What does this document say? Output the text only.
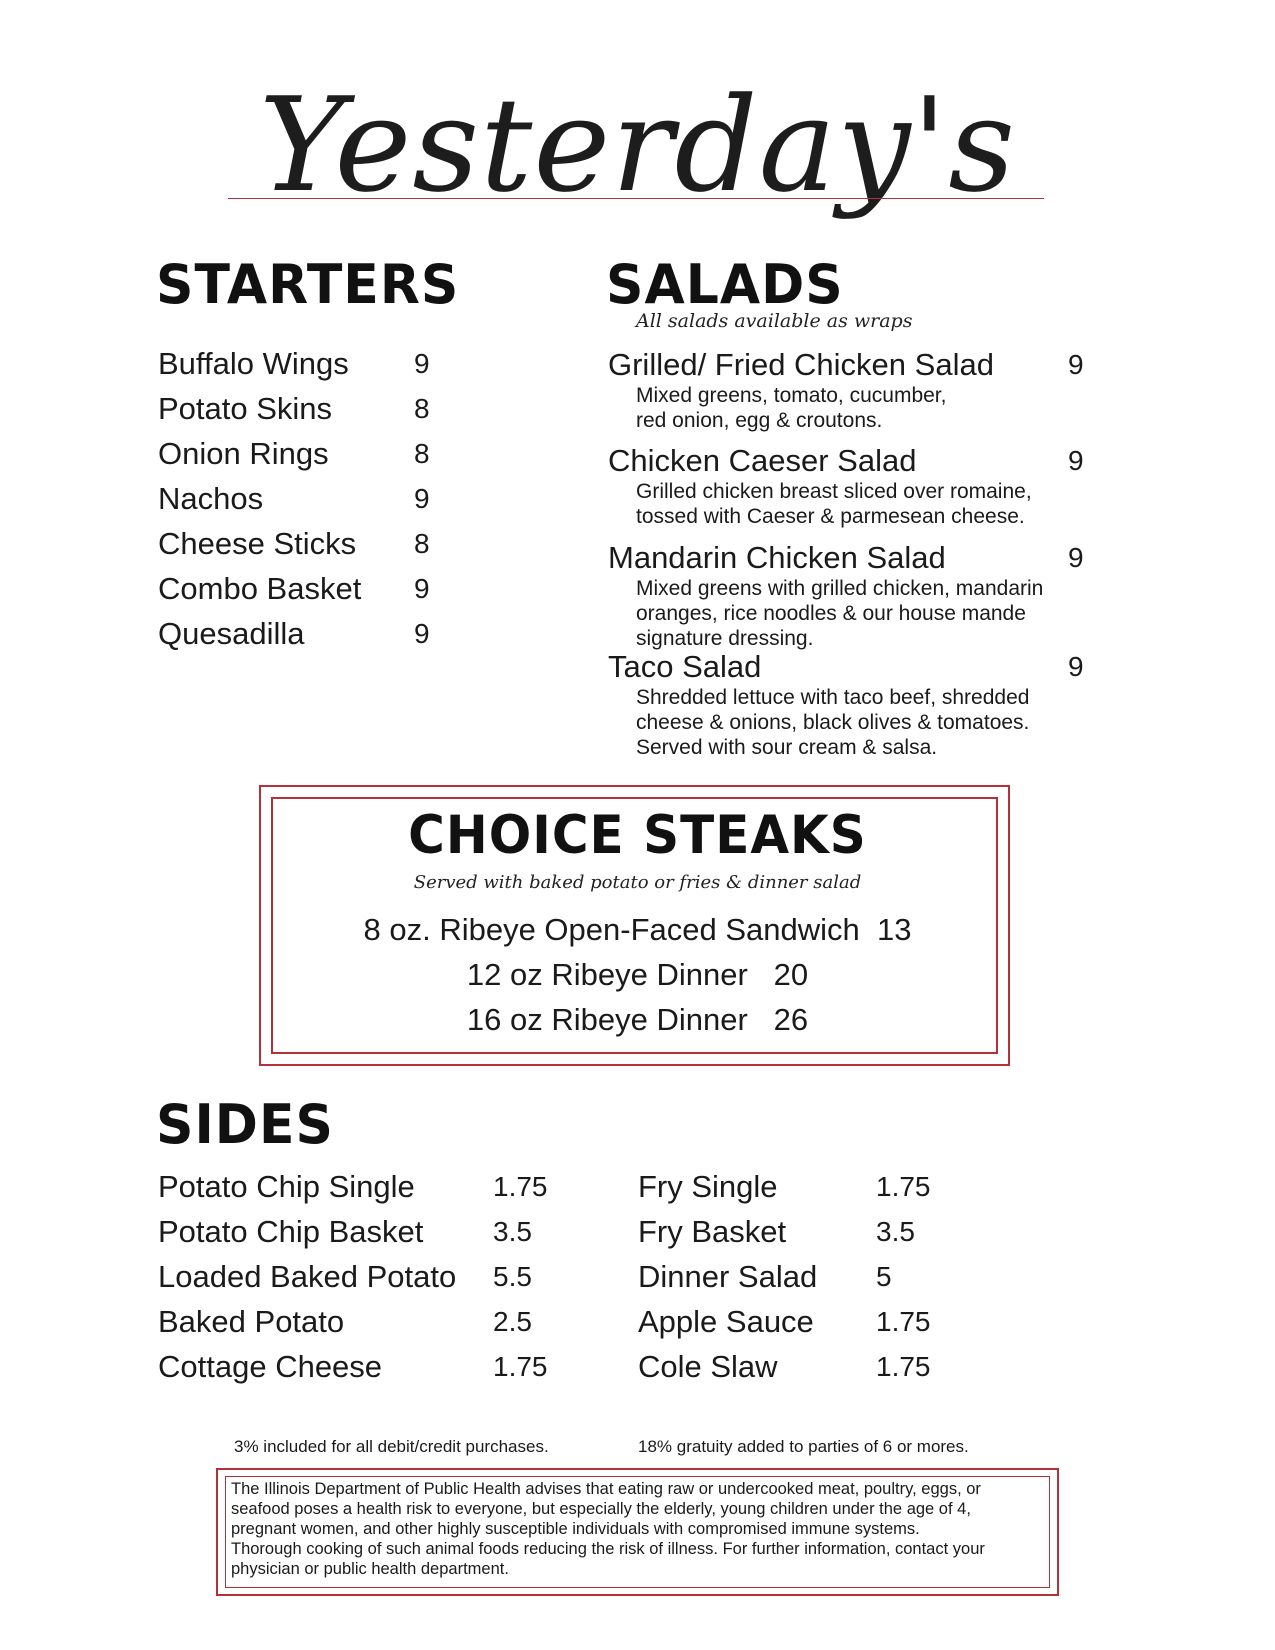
Yesterday's
STARTERS
Buffalo Wings 9
Potato Skins	8
Onion Rings	8
Nachos	9
Cheese Sticks 8
Combo Basket 9
Quesadilla	9
SALADS
All salads available as wraps
Grilled/ Fried Chicken Salad	9
Mixed greens, tomato, cucumber,
red onion, egg & croutons.
Chicken Caeser Salad	9
Grilled chicken breast sliced over romaine,
tossed with Caeser & parmesean cheese.
Mandarin Chicken Salad	9
Mixed greens with grilled chicken, mandarin
oranges, rice noodles & our house mande
signature dressing.
Taco Salad	9
Shredded lettuce with taco beef, shredded
cheese & onions, black olives & tomatoes.
Served with sour cream & salsa.
CHOICE STEAKS
Served with baked potato or fries & dinner salad
8 oz. Ribeye Open-Faced Sandwich 13
12 oz Ribeye Dinner 20
16 oz Ribeye Dinner 26
SIDES
Potato Chip Single	1.75
Potato Chip Basket 3.5
Loaded Baked Potato 5.5
Baked Potato	2.5
Cottage Cheese	1.75
Fry Single	1.75
Fry Basket	3.5
Dinner Salad 5
Apple Sauce 1.75
Cole Slaw	1.75
3% included for all debit/credit purchases.	18% gratuity added to parties of 6 or mores.
The Illinois Department of Public Health advises that eating raw or undercooked meat, poultry, eggs, or
seafood poses a health risk to everyone, but especially the elderly, young children under the age of 4,
pregnant women, and other highly susceptible individuals with compromised immune systems.
Thorough cooking of such animal foods reducing the risk of illness. For further information, contact your
physician or public health department.
